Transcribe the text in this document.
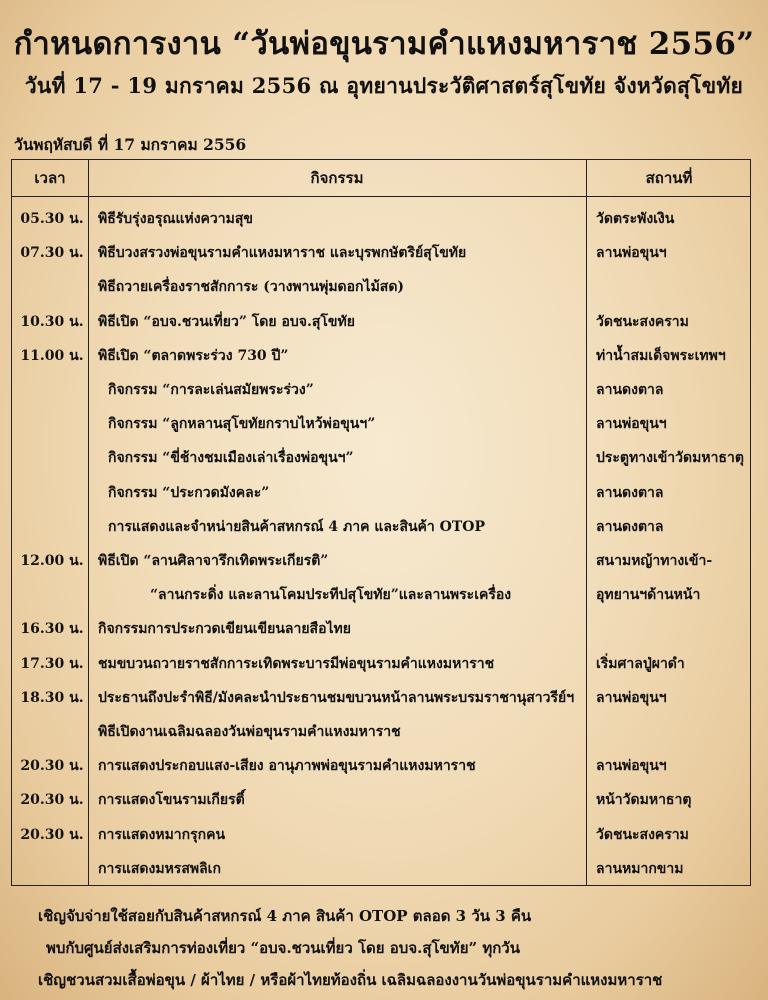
กำหนดการงาน “วันพ่อขุนรามคำแหงมหาราช 2556”
วันที่ 17 - 19 มกราคม 2556 ณ อุทยานประวัติศาสตร์สุโขทัย จังหวัดสุโขทัย
วันพฤหัสบดี ที่ 17 มกราคม 2556
เวลา	กิจกรรม	สถานที่
05.30 น. พิธีรับรุ่งอรุณแห่งความสุข	วัดตระพังเงิน
07.30 น. พิธีบวงสรวงพ่อขุนรามคำแหงมหาราช และบุรพกษัตริย์สุโขทัย	ลานพ่อขุนฯ
พิธีถวายเครื่องราชสักการะ (วางพานพุ่มดอกไม้สด)
10.30 น. พิธีเปิด “อบจ.ชวนเที่ยว” โดย อบจ.สุโขทัย	วัดชนะสงคราม
11.00 น. พิธีเปิด “ตลาดพระร่วง 730 ปี”	ท่าน้ำสมเด็จพระเทพฯ
กิจกรรม “การละเล่นสมัยพระร่วง”	ลานดงตาล
กิจกรรม “ลูกหลานสุโขทัยกราบไหว้พ่อขุนฯ”	ลานพ่อขุนฯ
กิจกรรม “ขี่ช้างชมเมืองเล่าเรื่องพ่อขุนฯ”	ประตูทางเข้าวัดมหาธาตุ
กิจกรรม “ประกวดมังคละ”	ลานดงตาล
การแสดงและจำหน่ายสินค้าสหกรณ์ 4 ภาค และสินค้า OTOP	ลานดงตาล
12.00 น. พิธีเปิด “ลานศิลาจารึกเทิดพระเกียรติ”	สนามหญ้าทางเข้า-
“ลานกระดิ่ง และลานโคมประทีปสุโขทัย”และลานพระเครื่อง	อุทยานฯด้านหน้า
16.30 น. กิจกรรมการประกวดเขียนเขียนลายสือไทย
17.30 น. ชมขบวนถวายราชสักการะเทิดพระบารมีพ่อขุนรามคำแหงมหาราช	เริ่มศาลปู่ผาดำ
18.30 น. ประธานถึงปะรำพิธี/มังคละนำประธานชมขบวนหน้าลานพระบรมราชานุสาวรีย์ฯ	ลานพ่อขุนฯ
พิธีเปิดงานเฉลิมฉลองวันพ่อขุนรามคำแหงมหาราช
20.30 น. การแสดงประกอบแสง-เสียง อานุภาพพ่อขุนรามคำแหงมหาราช	ลานพ่อขุนฯ
20.30 น. การแสดงโขนรามเกียรติ์	หน้าวัดมหาธาตุ
20.30 น. การแสดงหมากรุกคน	วัดชนะสงคราม
การแสดงมหรสพลิเก	ลานหมากขาม
เชิญจับจ่ายใช้สอยกับสินค้าสหกรณ์ 4 ภาค สินค้า OTOP ตลอด 3 วัน 3 คืน
พบกับศูนย์ส่งเสริมการท่องเที่ยว “อบจ.ชวนเที่ยว โดย อบจ.สุโขทัย” ทุกวัน
เชิญชวนสวมเสื้อพ่อขุน / ผ้าไทย / หรือผ้าไทยท้องถิ่น เฉลิมฉลองงานวันพ่อขุนรามคำแหงมหาราช
